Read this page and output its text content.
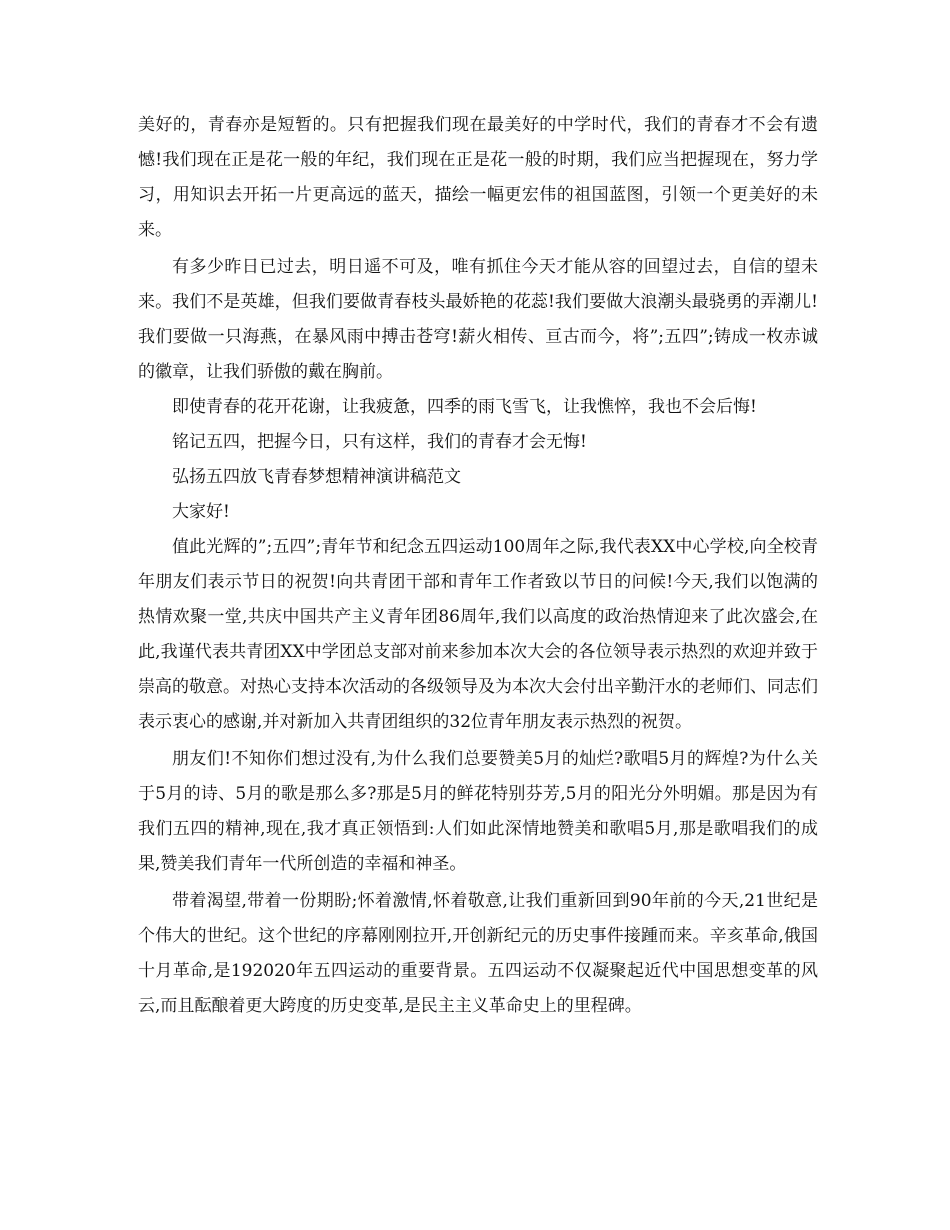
美好的，青春亦是短暂的。只有把握我们现在最美好的中学时代，我们的青春才不会有遗憾!我们现在正是花一般的年纪，我们现在正是花一般的时期，我们应当把握现在，努力学习，用知识去开拓一片更高远的蓝天，描绘一幅更宏伟的祖国蓝图，引领一个更美好的未来。

有多少昨日已过去，明日遥不可及，唯有抓住今天才能从容的回望过去，自信的望未来。我们不是英雄，但我们要做青春枝头最娇艳的花蕊!我们要做大浪潮头最骁勇的弄潮儿!我们要做一只海燕，在暴风雨中搏击苍穹!薪火相传、亘古而今，将”;五四”;铸成一枚赤诚的徽章，让我们骄傲的戴在胸前。

即使青春的花开花谢，让我疲惫，四季的雨飞雪飞，让我憔悴，我也不会后悔!

铭记五四，把握今日，只有这样，我们的青春才会无悔!

弘扬五四放飞青春梦想精神演讲稿范文

大家好!

值此光辉的”;五四”;青年节和纪念五四运动100周年之际,我代表XX中心学校,向全校青年朋友们表示节日的祝贺!向共青团干部和青年工作者致以节日的问候!今天,我们以饱满的热情欢聚一堂,共庆中国共产主义青年团86周年,我们以高度的政治热情迎来了此次盛会,在此,我谨代表共青团XX中学团总支部对前来参加本次大会的各位领导表示热烈的欢迎并致于崇高的敬意。对热心支持本次活动的各级领导及为本次大会付出辛勤汗水的老师们、同志们表示衷心的感谢,并对新加入共青团组织的32位青年朋友表示热烈的祝贺。

朋友们!不知你们想过没有,为什么我们总要赞美5月的灿烂?歌唱5月的辉煌?为什么关于5月的诗、5月的歌是那么多?那是5月的鲜花特别芬芳,5月的阳光分外明媚。那是因为有我们五四的精神,现在,我才真正领悟到:人们如此深情地赞美和歌唱5月,那是歌唱我们的成果,赞美我们青年一代所创造的幸福和神圣。

带着渴望,带着一份期盼;怀着激情,怀着敬意,让我们重新回到90年前的今天,21世纪是个伟大的世纪。这个世纪的序幕刚刚拉开,开创新纪元的历史事件接踵而来。辛亥革命,俄国十月革命,是192020年五四运动的重要背景。五四运动不仅凝聚起近代中国思想变革的风云,而且酝酿着更大跨度的历史变革,是民主主义革命史上的里程碑。
